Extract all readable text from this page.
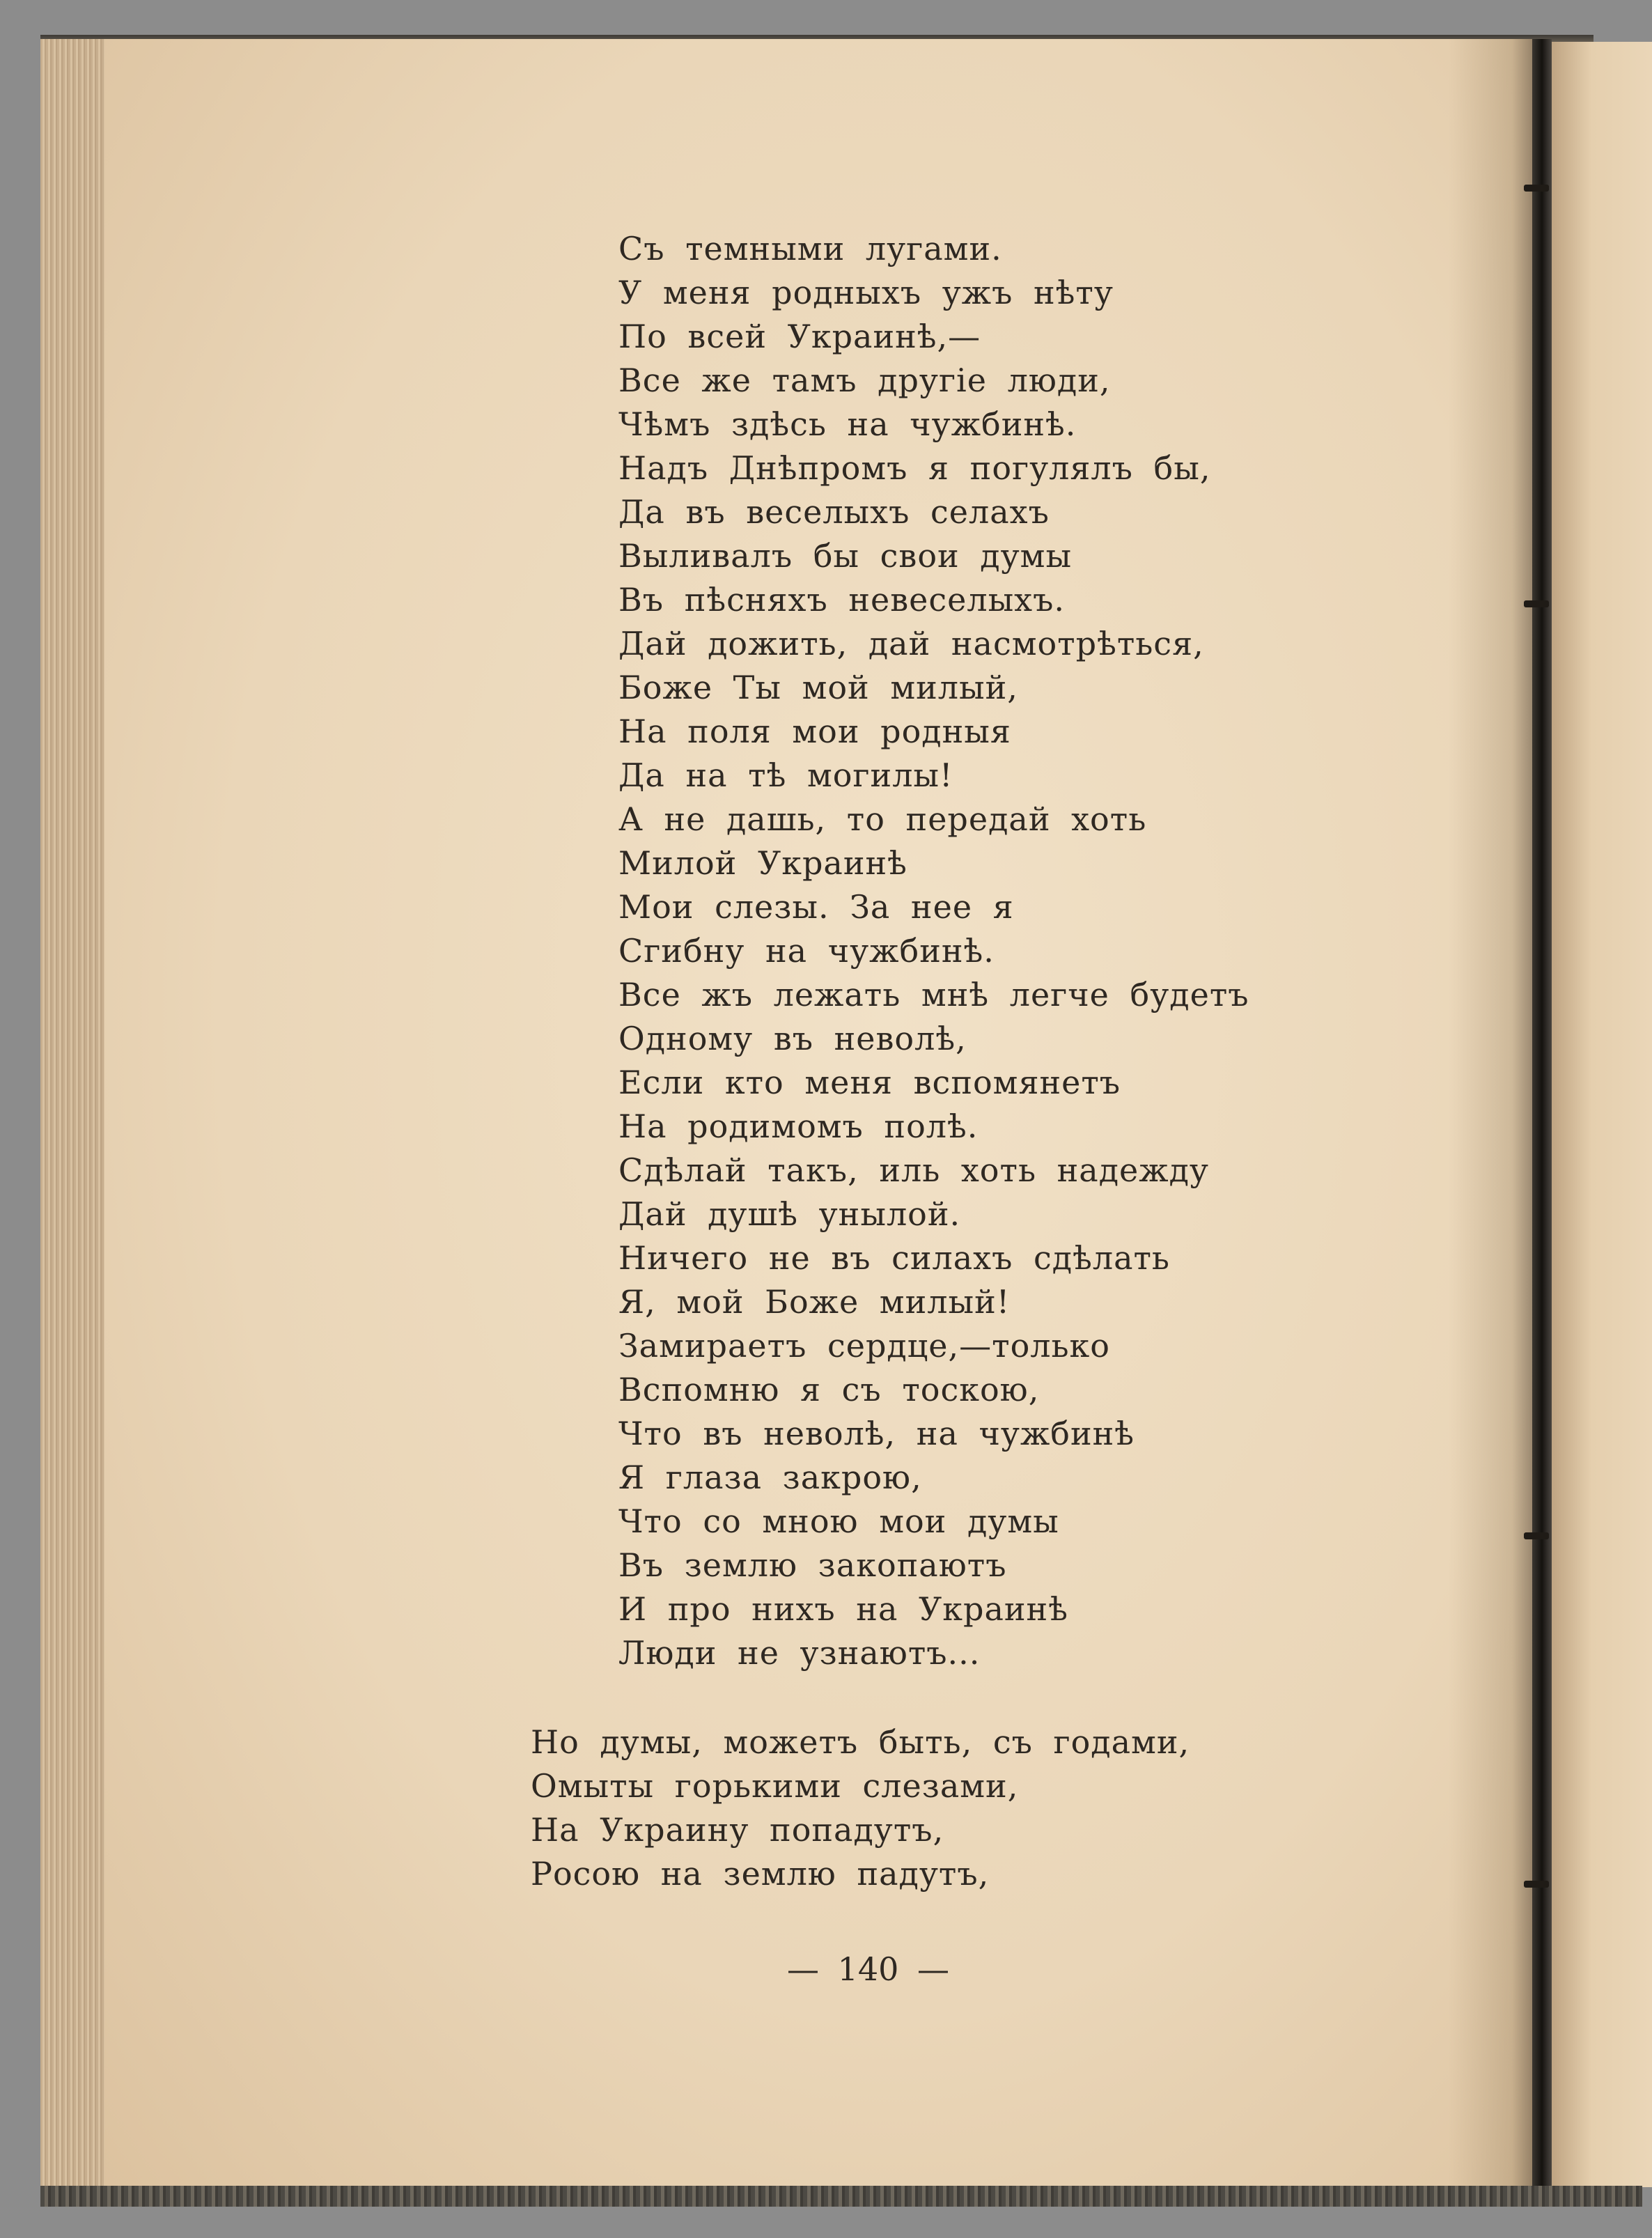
Съ темными лугами.
У меня родныхъ ужъ нѣту
По всей Украинѣ,—
Все же тамъ другіе люди,
Чѣмъ здѣсь на чужбинѣ.
Надъ Днѣпромъ я погулялъ бы,
Да въ веселыхъ селахъ
Выливалъ бы свои думы
Въ пѣсняхъ невеселыхъ.
Дай дожить, дай насмотрѣться,
Боже Ты мой милый,
На поля мои родныя
Да на тѣ могилы!
А не дашь, то передай хоть
Милой Украинѣ
Мои слезы. За нее я
Сгибну на чужбинѣ.
Все жъ лежать мнѣ легче будетъ
Одному въ неволѣ,
Если кто меня вспомянетъ
На родимомъ полѣ.
Сдѣлай такъ, иль хоть надежду
Дай душѣ унылой.
Ничего не въ силахъ сдѣлать
Я, мой Боже милый!
Замираетъ сердце,—только
Вспомню я съ тоскою,
Что въ неволѣ, на чужбинѣ
Я глаза закрою,
Что со мною мои думы
Въ землю закопаютъ
И про нихъ на Украинѣ
Люди не узнаютъ...
Но думы, можетъ быть, съ годами,
Омыты горькими слезами,
На Украину попадутъ,
Росою на землю падутъ,
— 140 —
